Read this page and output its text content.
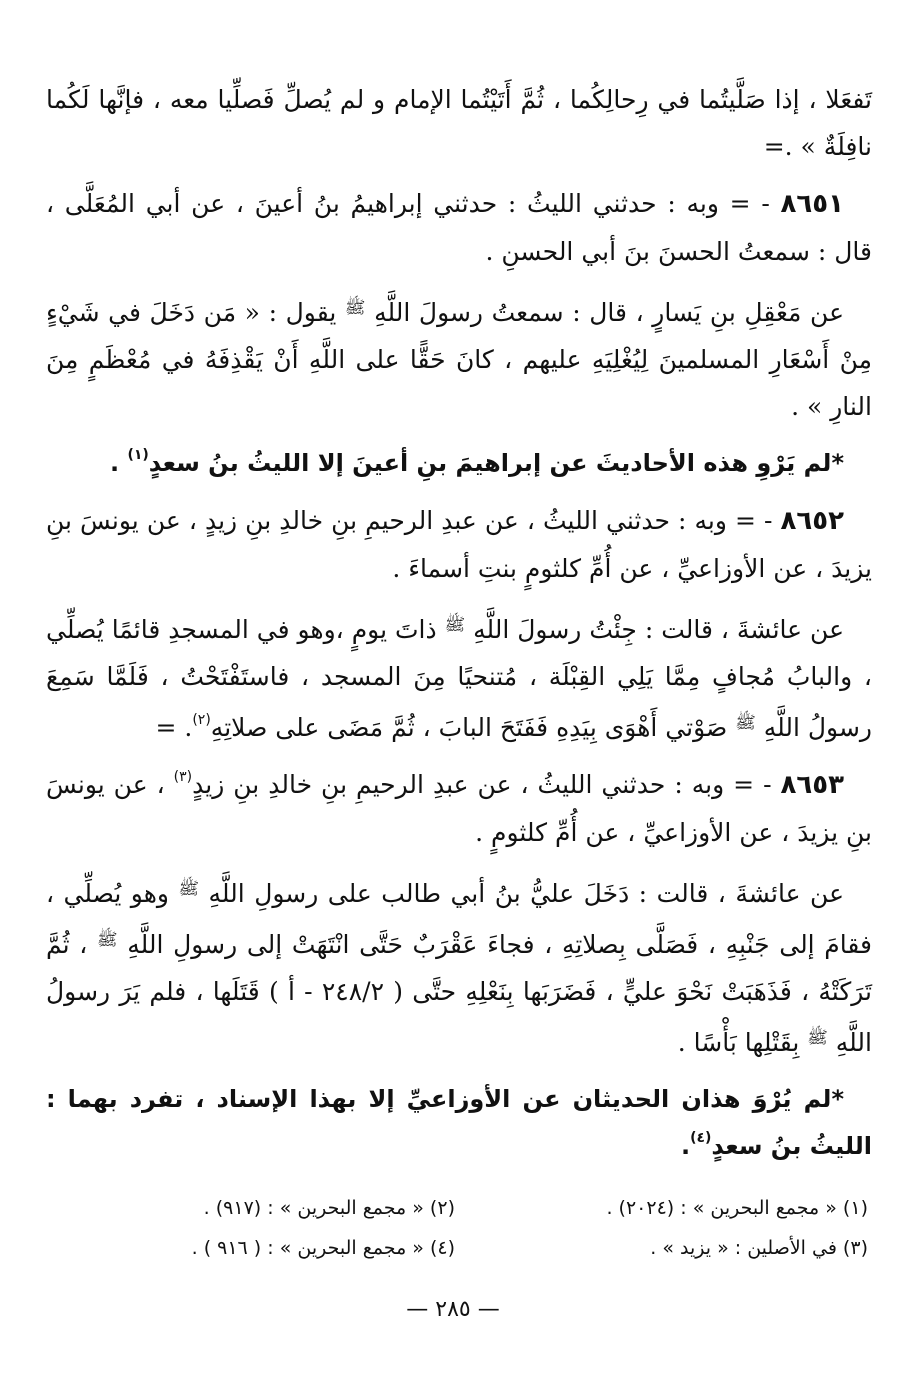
تَفعَلا ، إذا صَلَّيتُما في رِحالِكُما ، ثُمَّ أَتَيْتُما الإمام و لم يُصلِّ فَصلِّيا معه ، فإنَّها لَكُما نافِلَةٌ » .=

٨٦٥١ - = وبه : حدثني الليثُ : حدثني إبراهيمُ بنُ أعينَ ، عن أبي المُعَلَّى ، قال : سمعتُ الحسنَ بنَ أبي الحسنِ .

عن مَعْقِلِ بنِ يَسارٍ ، قال : سمعتُ رسولَ اللَّهِ $^ﷺ$ يقول : « مَن دَخَلَ في شَيْءٍ مِنْ أَسْعَارِ المسلمينَ لِيُغْلِيَهِ عليهم ، كانَ حَقًّا على اللَّهِ أَنْ يَقْذِفَهُ في مُعْظَمٍ مِنَ النارِ » .

*لم يَرْوِ هذه الأحاديثَ عن إبراهيمَ بنِ أعينَ إلا الليثُ بنُ سعدٍ$^{(١)}$ .

٨٦٥٢ - = وبه : حدثني الليثُ ، عن عبدِ الرحيمِ بنِ خالدِ بنِ زيدٍ ، عن يونسَ بنِ يزيدَ ، عن الأوزاعيِّ ، عن أُمِّ كلثومٍ بنتِ أسماءَ .

عن عائشةَ ، قالت : جِئْتُ رسولَ اللَّهِ $^ﷺ$ ذاتَ يومٍ ،وهو في المسجدِ قائمًا يُصلِّي ، والبابُ مُجافٍ مِمَّا يَلِي القِبْلَة ، مُتنحيًا مِنَ المسجد ، فاستَفْتَحْتُ ، فَلَمَّا سَمِعَ رسولُ اللَّهِ $^ﷺ$ صَوْتي أَهْوَى بِيَدِهِ فَفَتَحَ البابَ ، ثُمَّ مَضَى على صلاتِهِ$^{(٢)}$. =

٨٦٥٣ - = وبه : حدثني الليثُ ، عن عبدِ الرحيمِ بنِ خالدِ بنِ زيدٍ$^{(٣)}$ ، عن يونسَ بنِ يزيدَ ، عن الأوزاعيِّ ، عن أُمِّ كلثومٍ .

عن عائشةَ ، قالت : دَخَلَ عليُّ بنُ أبي طالب على رسولِ اللَّهِ $^ﷺ$ وهو يُصلِّي ، فقامَ إلى جَنْبِهِ ، فَصَلَّى بِصلاتِهِ ، فجاءَ عَقْرَبٌ حَتَّى انْتَهَتْ إلى رسولِ اللَّهِ $^ﷺ$ ، ثُمَّ تَرَكَتْهُ ، فَذَهَبَتْ نَحْوَ عليٍّ ، فَضَرَبَها بِنَعْلِهِ حتَّى ( ٢٤٨/٢ - أ ) قَتَلَها ، فلم يَرَ رسولُ اللَّهِ $^ﷺ$ بِقَتْلِها بَأْسًا .

*لم يُرْوَ هذان الحديثان عن الأوزاعيِّ إلا بهذا الإسناد ، تفرد بهما : الليثُ بنُ سعدٍ$^{(٤)}$.

(١) « مجمع البحرين » : (٢٠٢٤) .
(٢) « مجمع البحرين » : (٩١٧) .
(٣) في الأصلين : « يزيد » .
(٤) « مجمع البحرين » : ( ٩١٦ ) .
— ٢٨٥ —
